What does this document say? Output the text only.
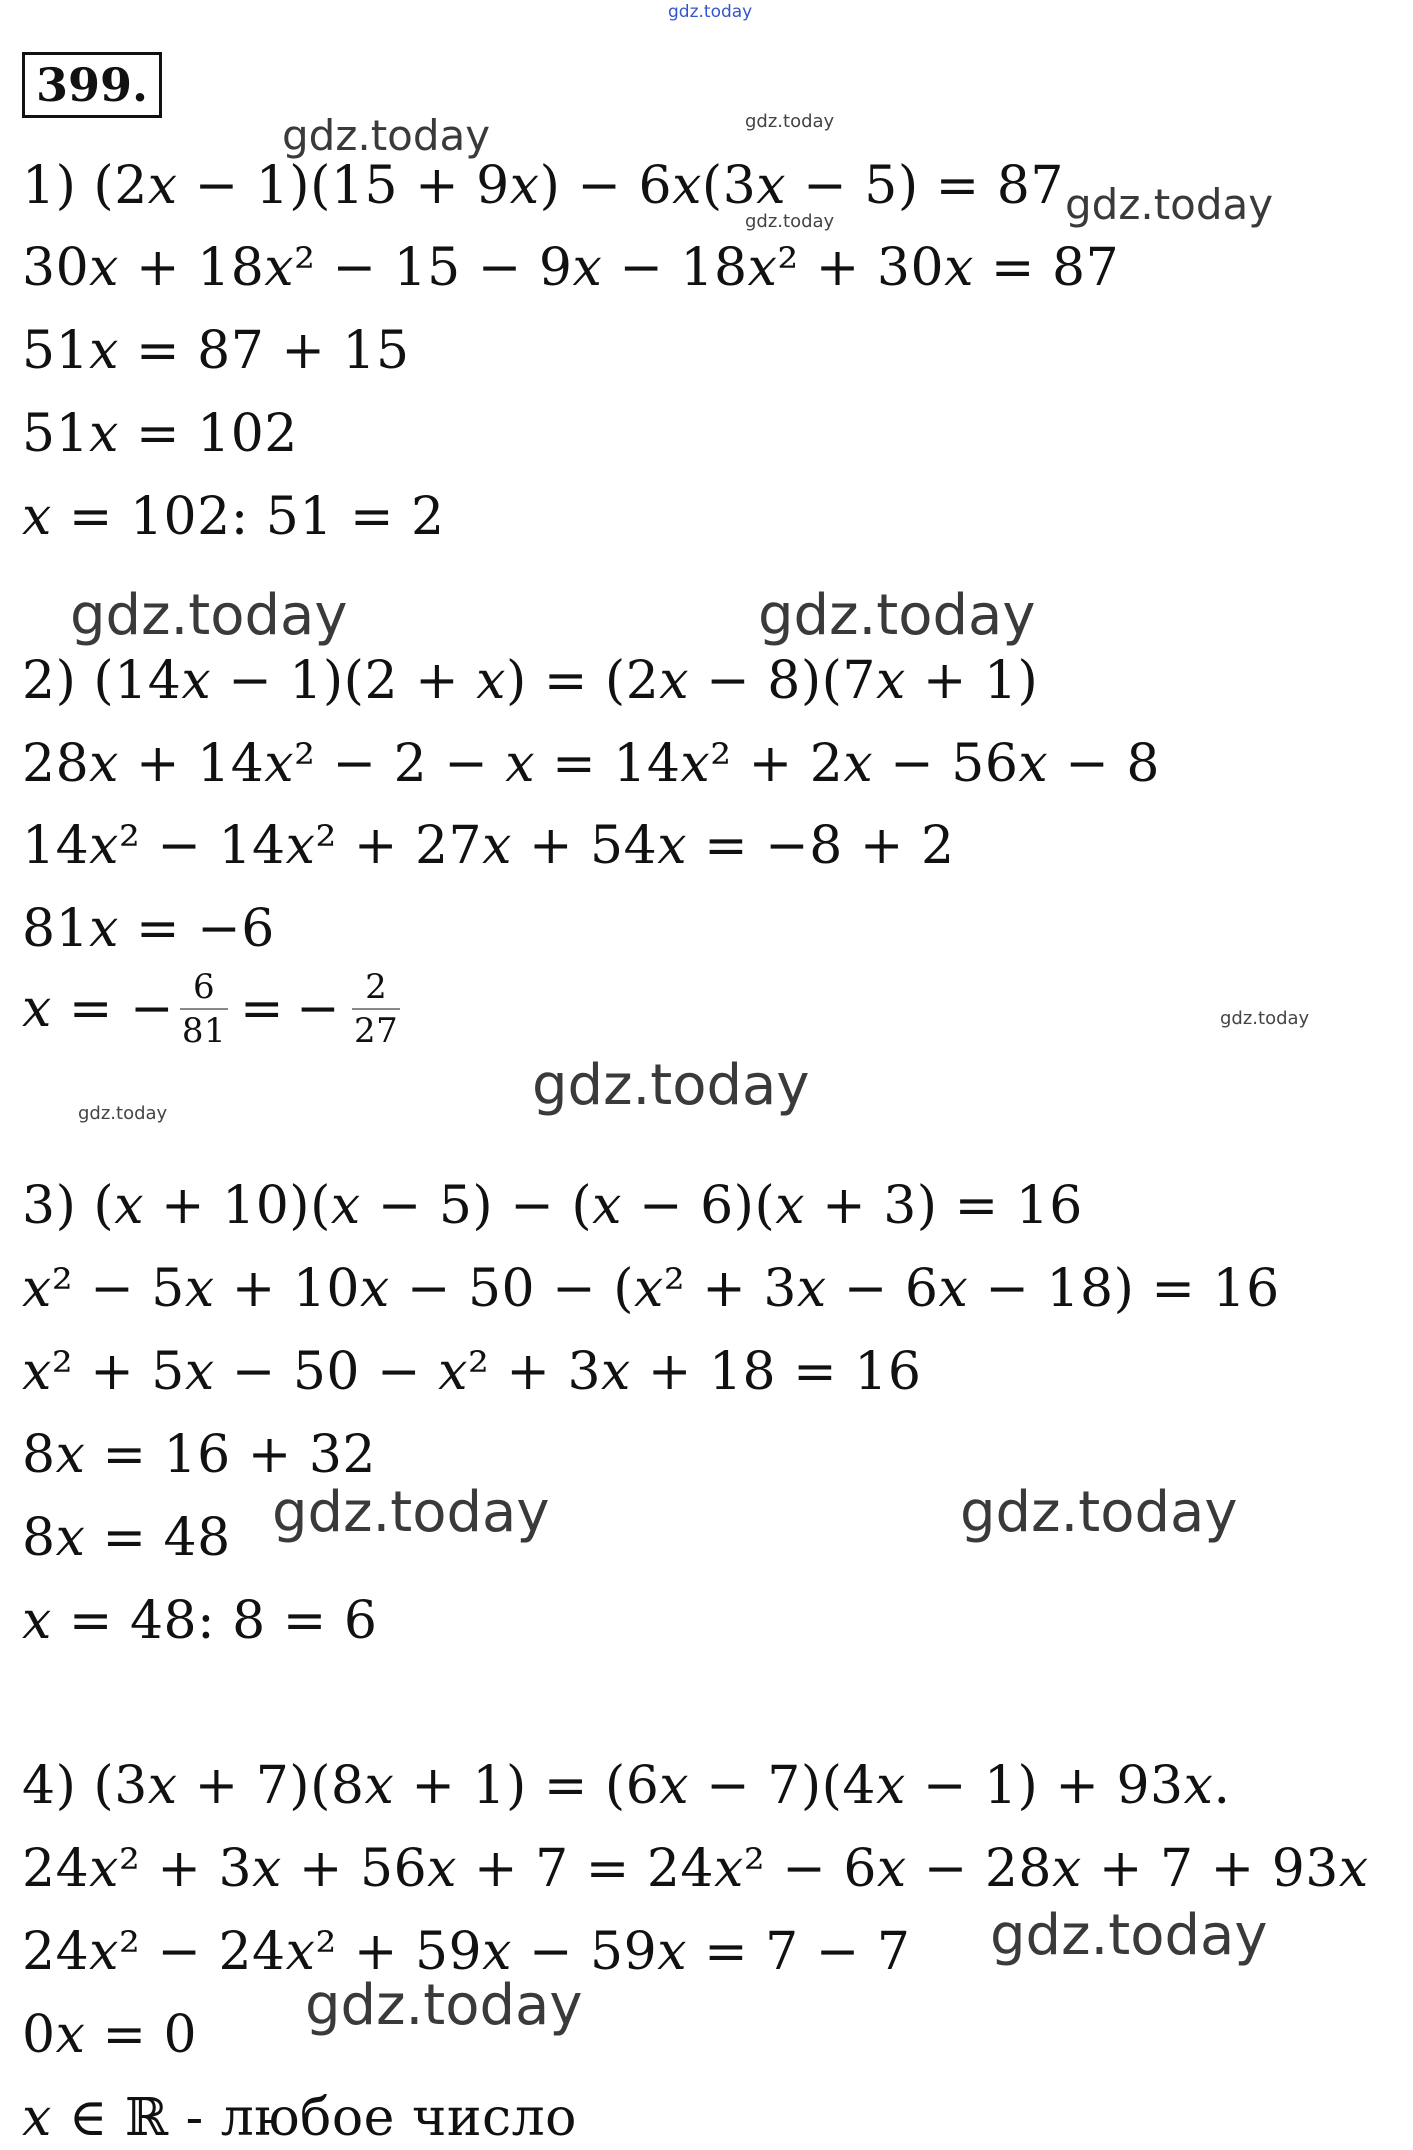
gdz.today
gdz.today	gdz.today
gdz.today
gdz.today
gdz.today	gdz.today
gdz.today
gdz.today
gdz.today
gdz.today	gdz.today
gdz.today
gdz.today
399.
1) (2𝑥 − 1)(15 + 9𝑥) − 6𝑥(3𝑥 − 5) = 87
30𝑥 + 18𝑥² − 15 − 9𝑥 − 18𝑥² + 30𝑥 = 87
51𝑥 = 87 + 15
51𝑥 = 102
𝑥 = 102: 51 = 2
2) (14𝑥 − 1)(2 + 𝑥) = (2𝑥 − 8)(7𝑥 + 1)
28𝑥 + 14𝑥² − 2 − 𝑥 = 14𝑥² + 2𝑥 − 56𝑥 − 8
14𝑥² − 14𝑥² + 27𝑥 + 54𝑥 = −8 + 2
81𝑥 = −6
𝑥 = − $\frac{6}{81}$ = − $\frac{2}{27}$
3) (𝑥 + 10)(𝑥 − 5) − (𝑥 − 6)(𝑥 + 3) = 16
𝑥² − 5𝑥 + 10𝑥 − 50 − (𝑥² + 3𝑥 − 6𝑥 − 18) = 16
𝑥² + 5𝑥 − 50 − 𝑥² + 3𝑥 + 18 = 16
8𝑥 = 16 + 32
8𝑥 = 48
𝑥 = 48: 8 = 6
4) (3𝑥 + 7)(8𝑥 + 1) = (6𝑥 − 7)(4𝑥 − 1) + 93𝑥.
24𝑥² + 3𝑥 + 56𝑥 + 7 = 24𝑥² − 6𝑥 − 28𝑥 + 7 + 93𝑥
24𝑥² − 24𝑥² + 59𝑥 − 59𝑥 = 7 − 7
0𝑥 = 0
𝑥 ∈ ℝ - любое число
